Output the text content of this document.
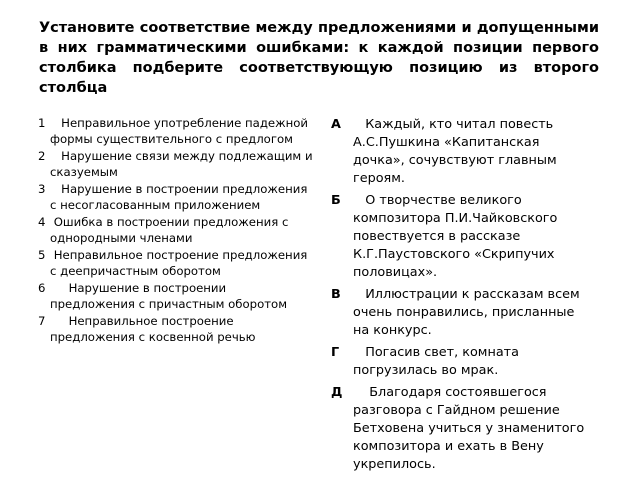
Установите соответствие между предложениями и допущенными в них грамматическими ошибками: к каждой позиции первого столбика подберите соответствующую позицию из второго столбца
1 Неправильное употребление падежной формы существительного с предлогом
2 Нарушение связи между подлежащим и сказуемым
3 Нарушение в построении предложения с несогласованным приложением
4 Ошибка в построении предложения с однородными членами
5 Неправильное построение предложения с деепричастным оборотом
6 Нарушение в построении предложения с причастным оборотом
7 Неправильное построение предложения с косвенной речью
А Каждый, кто читал повесть А.С.Пушкина «Капитанская дочка», сочувствуют главным героям.
Б О творчестве великого композитора П.И.Чайковского повествуется в рассказе К.Г.Паустовского «Скрипучих половицах».
В Иллюстрации к рассказам всем очень понравились, присланные на конкурс.
Г Погасив свет, комната погрузилась во мрак.
Д Благодаря состоявшегося разговора с Гайдном решение Бетховена учиться у знаменитого композитора и ехать в Вену укрепилось.
